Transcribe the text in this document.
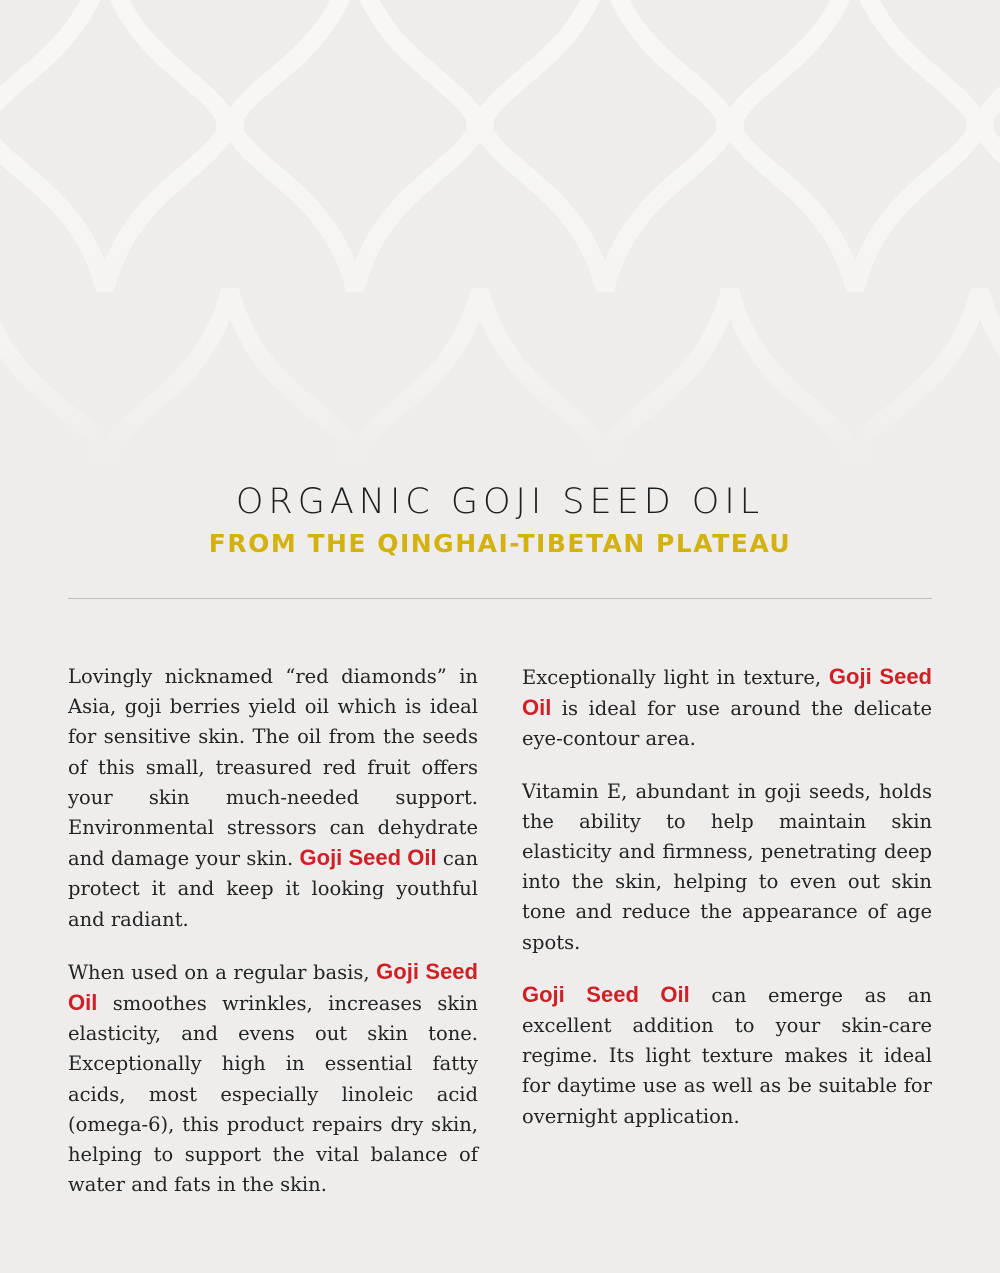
ORGANIC GOJI SEED OIL
FROM THE QINGHAI-TIBETAN PLATEAU

Lovingly nicknamed “red diamonds” in Asia, goji berries yield oil which is ideal for sensitive skin. The oil from the seeds of this small, treasured red fruit offers your skin much-needed support. Environmental stressors can dehydrate and damage your skin. Goji Seed Oil can protect it and keep it looking youthful and radiant.

When used on a regular basis, Goji Seed Oil smoothes wrinkles, increases skin elasticity, and evens out skin tone. Exceptionally high in essential fatty acids, most especially linoleic acid (omega-6), this product repairs dry skin, helping to support the vital balance of water and fats in the skin.

Exceptionally light in texture, Goji Seed Oil is ideal for use around the delicate eye-contour area.

Vitamin E, abundant in goji seeds, holds the ability to help maintain skin elasticity and firmness, penetrating deep into the skin, helping to even out skin tone and reduce the appearance of age spots.

Goji Seed Oil can emerge as an excellent addition to your skin-care regime. Its light texture makes it ideal for daytime use as well as be suitable for overnight application.
